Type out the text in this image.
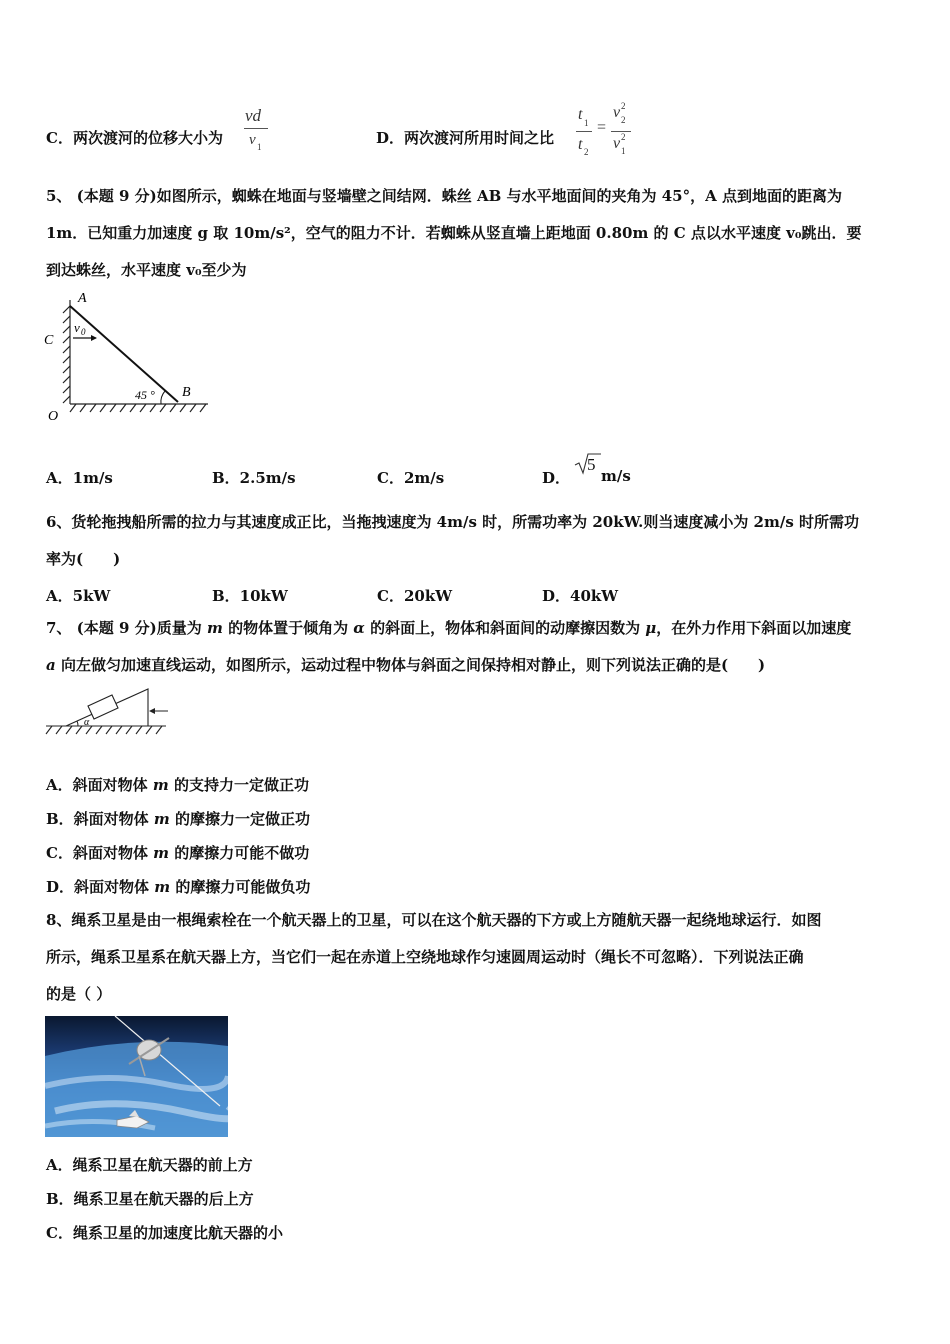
C．两次渡河的位移大小为
vd
v 1	D．两次渡河所用时间之比
t 1
t 2
=
v 2
2
v 2
1
5、 (本题 9 分)如图所示，蜘蛛在地面与竖墙壁之间结网．蛛丝 AB 与水平地面间的夹角为 45°，A 点到地面的距离为
1m．已知重力加速度 g 取 10m/s²，空气的阻力不计．若蜘蛛从竖直墙上距地面 0.80m 的 C 点以水平速度 v₀跳出．要
到达蛛丝，水平速度 v₀至少为
A
C
O
B
v 0
45 °
A．1m/s	B．2.5m/s	C．2m/s	D．
5
m/s
6、货轮拖拽船所需的拉力与其速度成正比，当拖拽速度为 4m/s 时，所需功率为 20kW.则当速度减小为 2m/s 时所需功
率为(　　)
A．5kW	B．10kW	C．20kW	D．40kW
7、 (本题 9 分)质量为 m 的物体置于倾角为 α 的斜面上，物体和斜面间的动摩擦因数为 μ，在外力作用下斜面以加速度
a 向左做匀加速直线运动，如图所示，运动过程中物体与斜面之间保持相对静止，则下列说法正确的是(　　)
α
A．斜面对物体 m 的支持力一定做正功
B．斜面对物体 m 的摩擦力一定做正功
C．斜面对物体 m 的摩擦力可能不做功
D．斜面对物体 m 的摩擦力可能做负功
8、绳系卫星是由一根绳索栓在一个航天器上的卫星，可以在这个航天器的下方或上方随航天器一起绕地球运行．如图
所示，绳系卫星系在航天器上方，当它们一起在赤道上空绕地球作匀速圆周运动时（绳长不可忽略）．下列说法正确
的是（ ）
A．绳系卫星在航天器的前上方
B．绳系卫星在航天器的后上方
C．绳系卫星的加速度比航天器的小
